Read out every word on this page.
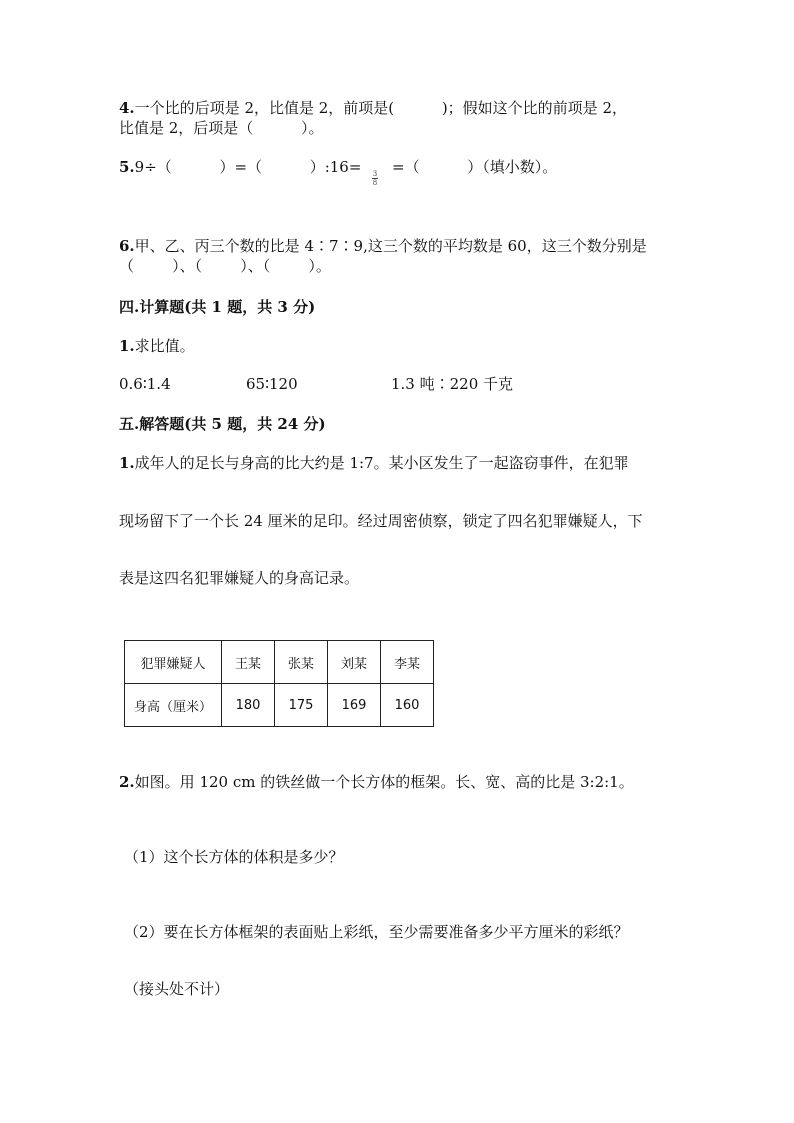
4.一个比的后项是 2，比值是 2，前项是(          )；假如这个比的前项是 2，
比值是 2，后项是（          ）。
5.9÷（          ）=（          ）:16= 3
8
=（          ）（填小数）。
6.甲、乙、丙三个数的比是 4∶7∶9,这三个数的平均数是 60，这三个数分别是
（        ）、（        ）、（        ）。
四.计算题(共 1 题，共 3 分)
1.求比值。
0.6∶1.4	65∶120	1.3 吨∶220 千克
五.解答题(共 5 题，共 24 分)
1.成年人的足长与身高的比大约是 1:7。某小区发生了一起盗窃事件，在犯罪
现场留下了一个长 24 厘米的足印。经过周密侦察，锁定了四名犯罪嫌疑人，下
表是这四名犯罪嫌疑人的身高记录。
犯罪嫌疑人	王某	张某	刘某	李某
身高（厘米）	180	175	169	160
2.如图。用 120 cm 的铁丝做一个长方体的框架。长、宽、高的比是 3:2:1。
（1）这个长方体的体积是多少？
（2）要在长方体框架的表面贴上彩纸，至少需要准备多少平方厘米的彩纸？
（接头处不计）
